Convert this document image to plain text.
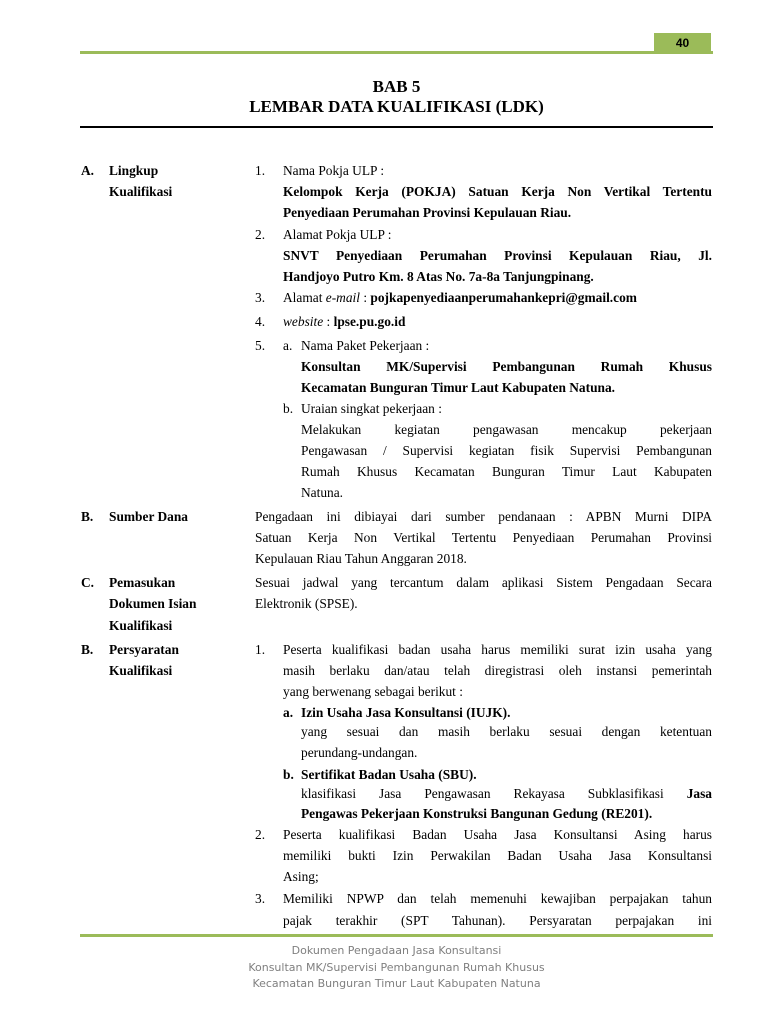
40
BAB 5
LEMBAR DATA KUALIFIKASI (LDK)
A. Lingkup
Kualifikasi
1. Nama Pokja ULP :
Kelompok Kerja (POKJA) Satuan Kerja Non Vertikal Tertentu
Penyediaan Perumahan Provinsi Kepulauan Riau.
2. Alamat Pokja ULP :
SNVT Penyediaan Perumahan Provinsi Kepulauan Riau, Jl.
Handjoyo Putro Km. 8 Atas No. 7a-8a Tanjungpinang.
3. Alamat e-mail : pojkapenyediaanperumahankepri@gmail.com
4. website : lpse.pu.go.id
5. a. Nama Paket Pekerjaan :
Konsultan MK/Supervisi Pembangunan Rumah Khusus
Kecamatan Bunguran Timur Laut Kabupaten Natuna.
b. Uraian singkat pekerjaan :
Melakukan kegiatan pengawasan mencakup pekerjaan
Pengawasan / Supervisi kegiatan fisik Supervisi Pembangunan
Rumah Khusus Kecamatan Bunguran Timur Laut Kabupaten
Natuna.
B. Sumber Dana	Pengadaan ini dibiayai dari sumber pendanaan : APBN Murni DIPA
Satuan Kerja Non Vertikal Tertentu Penyediaan Perumahan Provinsi
Kepulauan Riau Tahun Anggaran 2018.
C. Pemasukan
Dokumen Isian
Kualifikasi
Sesuai jadwal yang tercantum dalam aplikasi Sistem Pengadaan Secara
Elektronik (SPSE).
B. Persyaratan
Kualifikasi
1. Peserta kualifikasi badan usaha harus memiliki surat izin usaha yang
masih berlaku dan/atau telah diregistrasi oleh instansi pemerintah
yang berwenang sebagai berikut :
a. Izin Usaha Jasa Konsultansi (IUJK).
yang sesuai dan masih berlaku sesuai dengan ketentuan
perundang-undangan.
b. Sertifikat Badan Usaha (SBU).
klasifikasi Jasa Pengawasan Rekayasa Subklasifikasi Jasa
Pengawas Pekerjaan Konstruksi Bangunan Gedung (RE201).
2. Peserta kualifikasi Badan Usaha Jasa Konsultansi Asing harus
memiliki bukti Izin Perwakilan Badan Usaha Jasa Konsultansi
Asing;
3. Memiliki NPWP dan telah memenuhi kewajiban perpajakan tahun
pajak terakhir (SPT Tahunan). Persyaratan perpajakan ini
Dokumen Pengadaan Jasa Konsultansi
Konsultan MK/Supervisi Pembangunan Rumah Khusus
Kecamatan Bunguran Timur Laut Kabupaten Natuna
